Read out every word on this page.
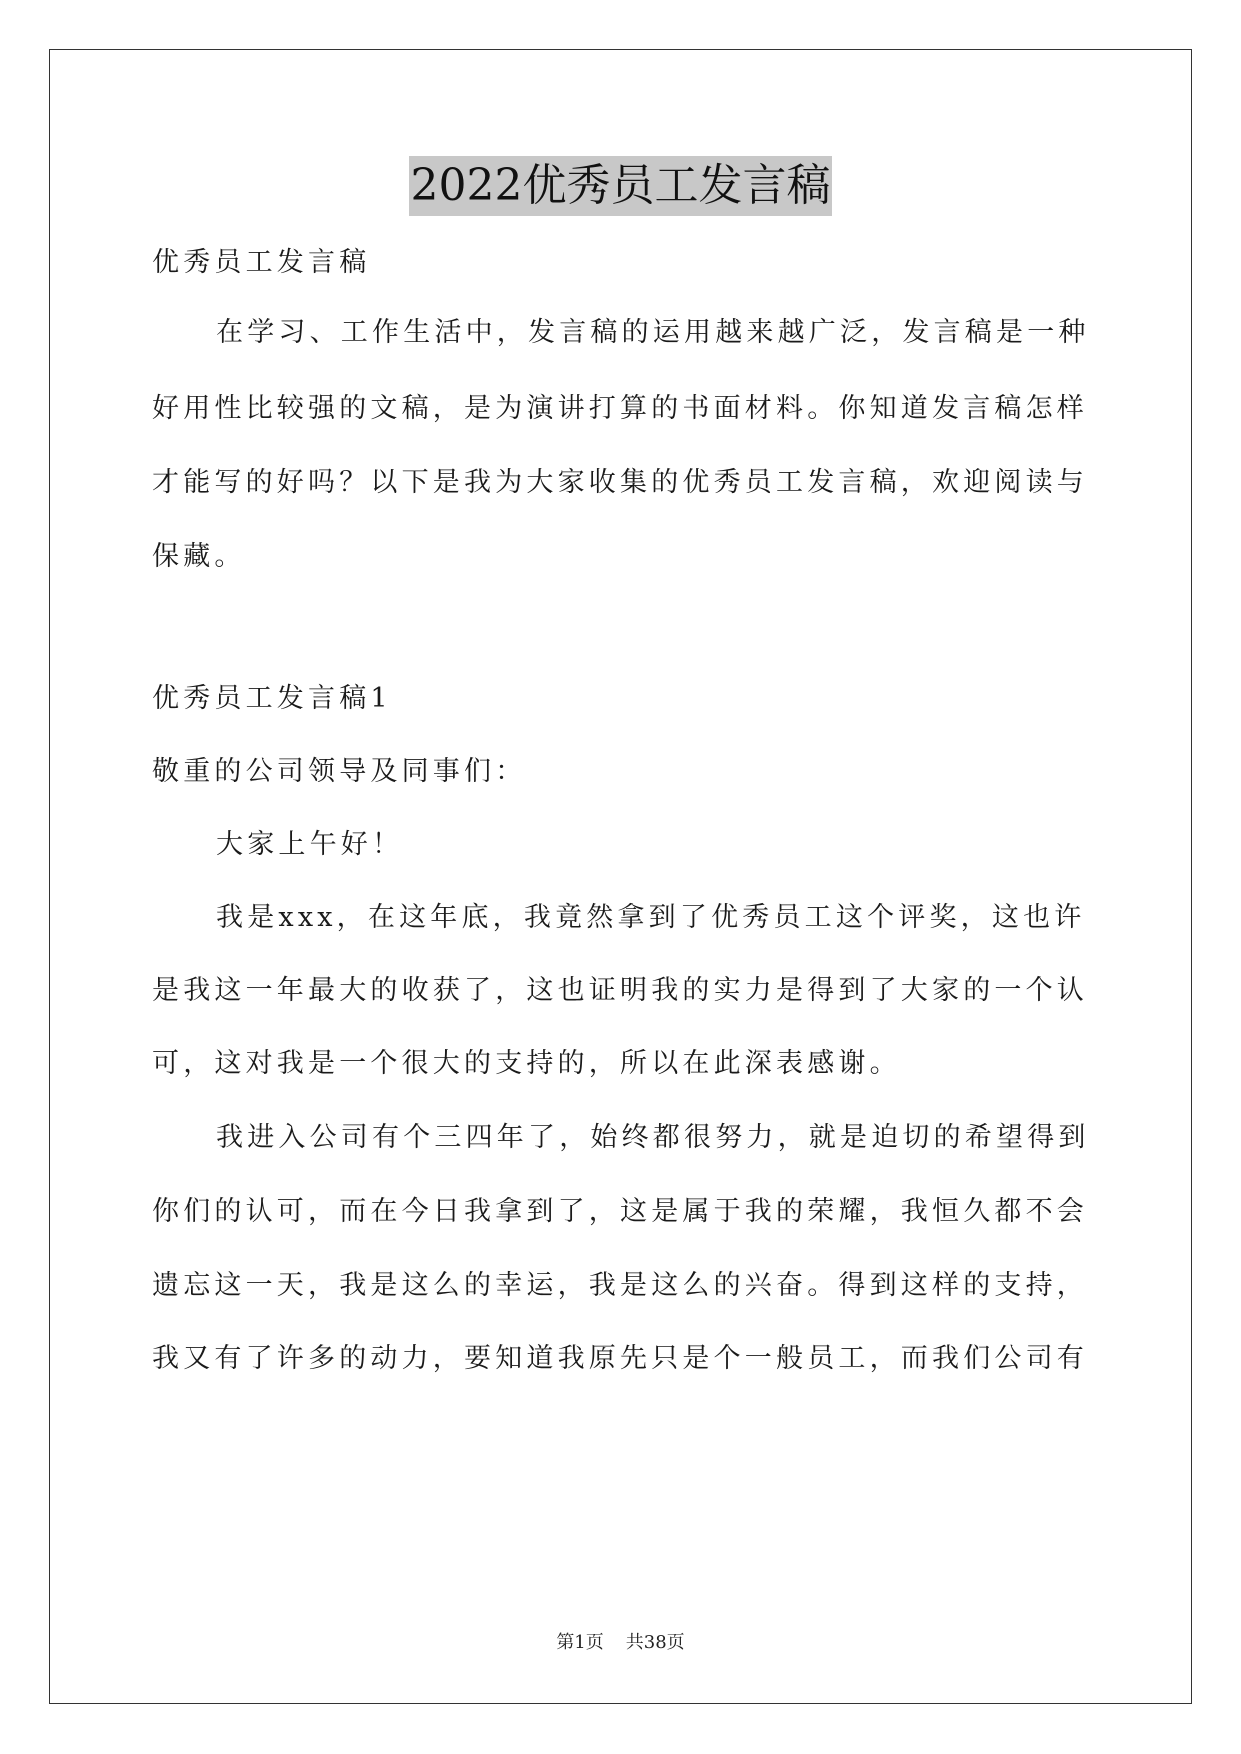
2022优秀员工发言稿
优秀员工发言稿
在学习、工作生活中，发言稿的运用越来越广泛，发言稿是一种
好用性比较强的文稿，是为演讲打算的书面材料。你知道发言稿怎样
才能写的好吗？以下是我为大家收集的优秀员工发言稿，欢迎阅读与
保藏。
优秀员工发言稿1
敬重的公司领导及同事们：
大家上午好！
我是xxx，在这年底，我竟然拿到了优秀员工这个评奖，这也许
是我这一年最大的收获了，这也证明我的实力是得到了大家的一个认
可，这对我是一个很大的支持的，所以在此深表感谢。
我进入公司有个三四年了，始终都很努力，就是迫切的希望得到
你们的认可，而在今日我拿到了，这是属于我的荣耀，我恒久都不会
遗忘这一天，我是这么的幸运，我是这么的兴奋。得到这样的支持，
我又有了许多的动力，要知道我原先只是个一般员工，而我们公司有
第1页 共38页
